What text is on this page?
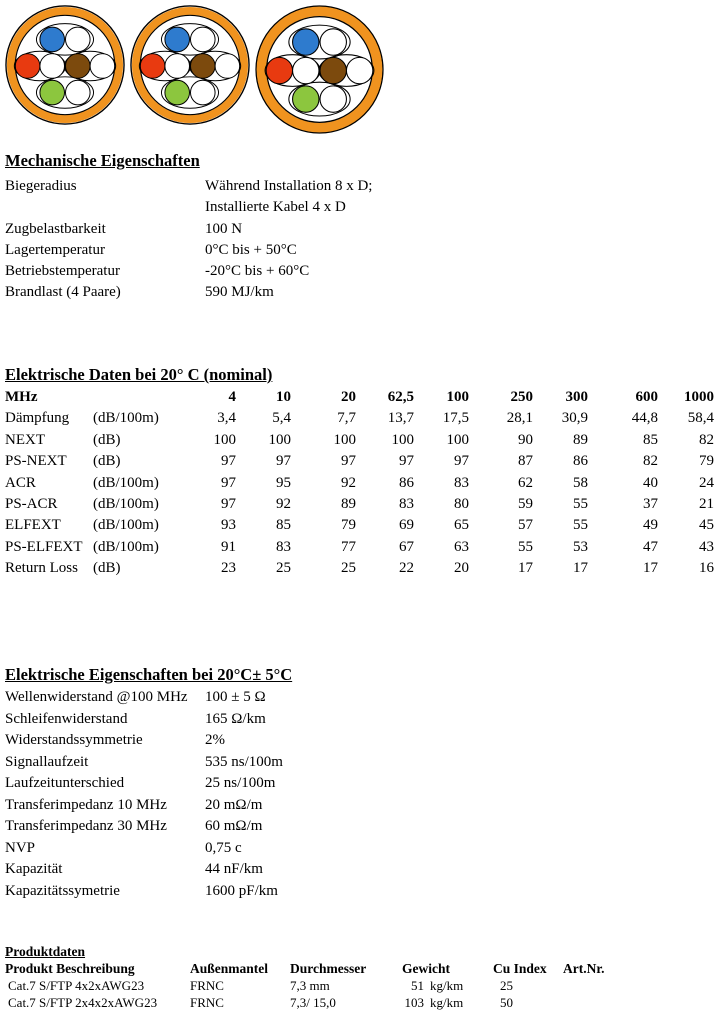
Mechanische Eigenschaften
Biegeradius	Während Installation 8 x D;
Installierte Kabel 4 x D
Zugbelastbarkeit	100 N
Lagertemperatur	0°C bis + 50°C
Betriebstemperatur	-20°C bis + 60°C
Brandlast (4 Paare)	590 MJ/km
Elektrische Daten bei 20° C (nominal)
MHz	4	10	20	62,5	100	250	300	600	1000
Dämpfung	(dB/100m)	3,4	5,4	7,7	13,7	17,5	28,1	30,9	44,8	58,4
NEXT	(dB)	100	100	100	100	100	90	89	85	82
PS-NEXT	(dB)	97	97	97	97	97	87	86	82	79
ACR	(dB/100m)	97	95	92	86	83	62	58	40	24
PS-ACR	(dB/100m)	97	92	89	83	80	59	55	37	21
ELFEXT	(dB/100m)	93	85	79	69	65	57	55	49	45
PS-ELFEXT (dB/100m)	91	83	77	67	63	55	53	47	43
Return Loss	(dB)	23	25	25	22	20	17	17	17	16
Elektrische Eigenschaften bei 20°C± 5°C
Wellenwiderstand @100 MHz	100 ± 5 Ω
Schleifenwiderstand	165 Ω/km
Widerstandssymmetrie	2%
Signallaufzeit	535 ns/100m
Laufzeitunterschied	25 ns/100m
Transferimpedanz 10 MHz	20 mΩ/m
Transferimpedanz 30 MHz	60 mΩ/m
NVP	0,75 c
Kapazität	44 nF/km
Kapazitätssymetrie	1600 pF/km
Produktdaten
Produkt Beschreibung	Außenmantel	Durchmesser	Gewicht	Cu Index	Art.Nr.
Cat.7 S/FTP 4x2xAWG23	FRNC	7,3 mm	51 kg/km	25
Cat.7 S/FTP 2x4x2xAWG23	FRNC	7,3/ 15,0	103 kg/km	50
